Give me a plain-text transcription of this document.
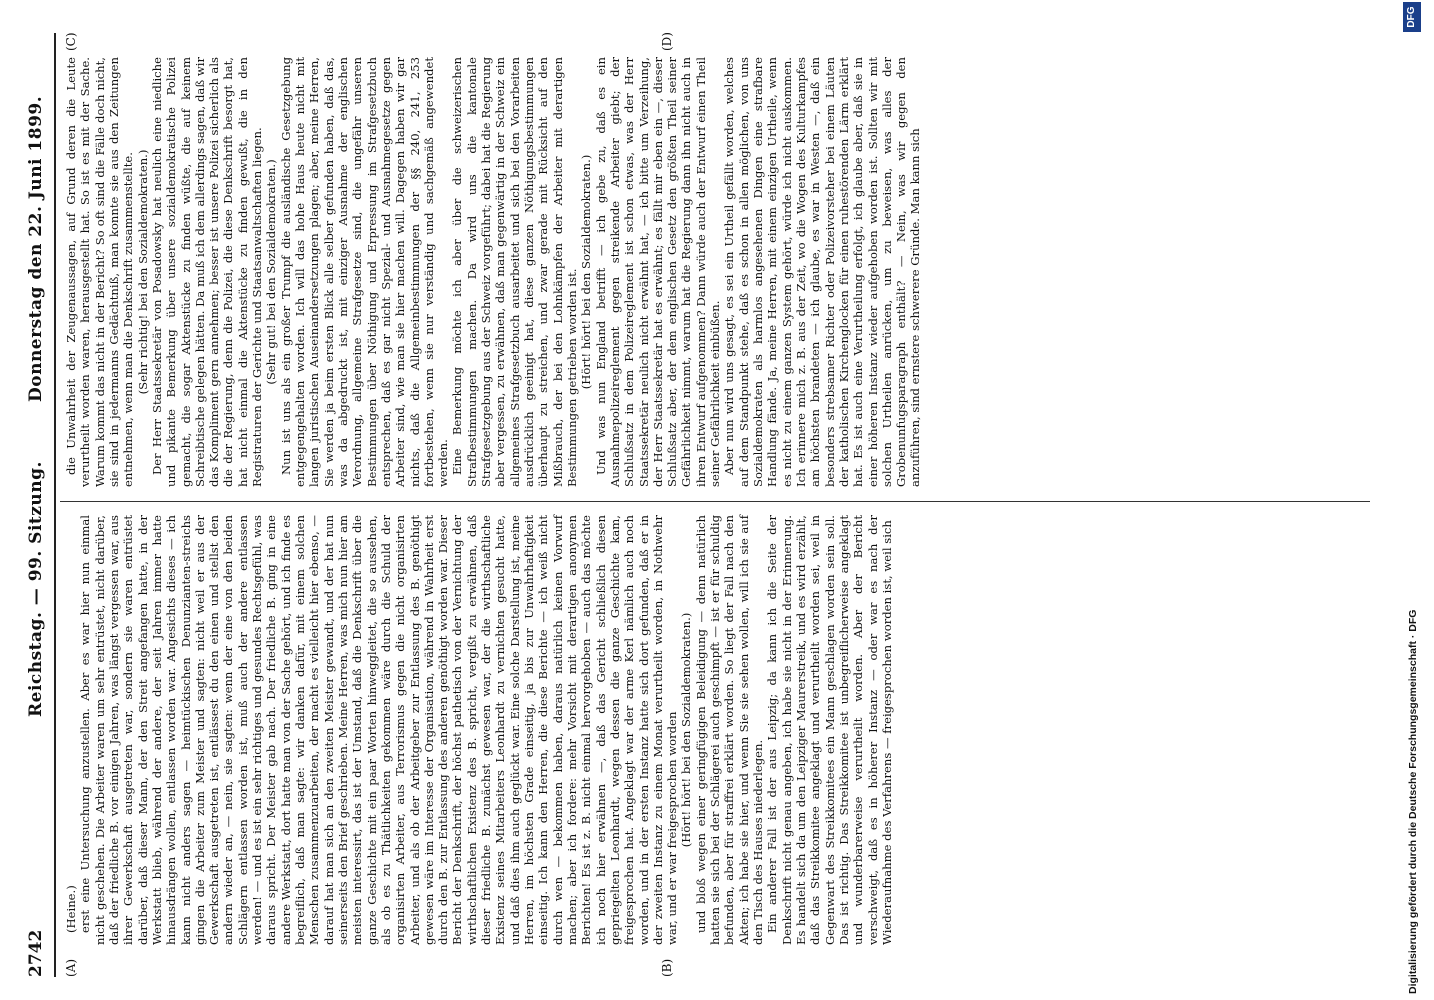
2742
Reichstag. — 99. Sitzung.
Donnerstag den 22. Juni 1899.
(A)	(B)
(C)	(D)

(Heine.) erst eine Untersuchung anzustellen. Aber es war hier nun einmal nicht geschehen. Die Arbeiter waren um sehr entrüstet, nicht darüber, daß der friedliche B. vor einigen Jahren, was längst vergessen war, aus ihrer Gewerkschaft ausgetreten war, sondern sie waren entrüstet darüber, daß dieser Mann, der den Streit angefangen hatte, in der Werkstatt blieb, während der andere, der seit Jahren immer hatte hinausdrängen wollen, entlassen worden war. Angesichts dieses — ich kann nicht anders sagen — heimtückischen Denunzianten-streichs gingen die Arbeiter zum Meister und sagten: nicht weil er aus der Gewerkschaft ausgetreten ist, entlässest du den einen und stellst den andern wieder an, — nein, sie sagten: wenn der eine von den beiden Schlägern entlassen worden ist, muß auch der andere entlassen werden! — und es ist ein sehr richtiges und gesundes Rechtsgefühl, was daraus spricht. Der Meister gab nach. Der friedliche B. ging in eine andere Werkstatt, dort hatte man von der Sache gehört, und ich finde es begreiflich, daß man sagte: wir danken dafür, mit einem solchen Menschen zusammenzuarbeiten, der macht es vielleicht hier ebenso, — darauf hat man sich an den zweiten Meister gewandt, und der hat nun seinerseits den Brief geschrieben. Meine Herren, was mich nun hier am meisten interessirt, das ist der Umstand, daß die Denkschrift über die ganze Geschichte mit ein paar Worten hinweggleitet, die so aussehen, als ob es zu Thätlichkeiten gekommen wäre durch die Schuld der organisirten Arbeiter, aus Terrorismus gegen die nicht organisirten Arbeiter, und als ob der Arbeitgeber zur Entlassung des B. genöthigt gewesen wäre im Interesse der Organisation, während in Wahrheit erst durch den B. zur Entlassung des anderen genöthigt worden war. Dieser Bericht der Denkschrift, der höchst pathetisch von der Vernichtung der wirthschaftlichen Existenz des B. spricht, vergißt zu erwähnen, daß dieser friedliche B. zunächst gewesen war, der die wirthschaftliche Existenz seines Mitarbeiters Leonhardt zu vernichten gesucht hatte, und daß dies ihm auch geglückt war. Eine solche Darstellung ist, meine Herren, im höchsten Grade einseitig, ja bis zur Unwahrhaftigkeit einseitig. Ich kann den Herren, die diese Berichte — ich weiß nicht durch wen — bekommen haben, daraus natürlich keinen Vorwurf machen; aber ich fordere: mehr Vorsicht mit derartigen anonymen Berichten! Es ist z. B. nicht einmal hervorgehoben — auch das möchte ich noch hier erwähnen —, daß das Gericht schließlich diesen gepriegelten Leonhardt, wegen dessen die ganze Geschichte kam, freigesprochen hat. Angeklagt war der arme Kerl nämlich auch noch worden, und in der ersten Instanz hatte sich dort gefunden, daß er in der zweiten Instanz zu einem Monat verurtheilt worden, in Nothwehr war, und er war freigesprochen worden (Hört! hört! bei den Sozialdemokraten.) und bloß wegen einer geringfügigen Beleidigung — denn natürlich hatten sie sich bei der Schlägerei auch geschimpft — ist er für schuldig befunden, aber für straffrei erklärt worden. So liegt der Fall nach den Akten; ich habe sie hier, und wenn Sie sie sehen wollen, will ich sie auf den Tisch des Hauses niederlegen. Ein anderer Fall ist der aus Leipzig; da kann ich die Seite der Denkschrift nicht genau angeben, ich habe sie nicht in der Erinnerung. Es handelt sich da um den Leipziger Maurerstreik, und es wird erzählt, daß das Streikkomitee angeklagt und verurtheilt worden sei, weil in Gegenwart des Streikkomitees ein Mann geschlagen worden sein soll. Das ist richtig. Das Streikkomitee ist unbegreiflicherweise angeklagt und wunderbarerweise verurtheilt worden. Aber der Bericht verschweigt, daß es in höherer Instanz — oder war es nach der Wiederaufnahme des Verfahrens — freigesprochen worden ist, weil sich

die Unwahrheit der Zeugenaussagen, auf Grund deren die Leute verurtheilt worden waren, herausgestellt hat. So ist es mit der Sache. Warum kommt das nicht in der Bericht? So oft sind die Fälle doch nicht, sie sind in jedermanns Gedächtniß, man konnte sie aus den Zeitungen entnehmen, wenn man die Denkschrift zusammenstellte. (Sehr richtig! bei den Sozialdemokraten.) Der Herr Staatssekretär von Posadowsky hat neulich eine niedliche und pikante Bemerkung über unsere sozialdemokratische Polizei gemacht, die sogar Aktenstücke zu finden wüßte, die auf keinem Schreibtische gelegen hätten. Da muß ich dem allerdings sagen, daß wir das Kompliment gern annehmen; besser ist unsere Polizei sicherlich als die der Regierung, denn die Polizei, die diese Denkschrift besorgt hat, hat nicht einmal die Aktenstücke zu finden gewußt, die in den Registraturen der Gerichte und Staatsanwaltschaften liegen. (Sehr gut! bei den Sozialdemokraten.) Nun ist uns als ein großer Trumpf die ausländische Gesetzgebung entgegengehalten worden. Ich will das hohe Haus heute nicht mit langen juristischen Auseinandersetzungen plagen; aber, meine Herren, Sie werden ja beim ersten Blick alle selber gefunden haben, daß das, was da abgedruckt ist, mit einziger Ausnahme der englischen Verordnung, allgemeine Strafgesetze sind, die ungefähr unseren Bestimmungen über Nöthigung und Erpressung im Strafgesetzbuch entsprechen, daß es gar nicht Spezial- und Ausnahmegesetze gegen Arbeiter sind, wie man sie hier machen will. Dagegen haben wir gar nichts, daß die Allgemeinbestimmungen der §§ 240, 241, 253 fortbestehen, wenn sie nur verständig und sachgemäß angewendet werden. Eine Bemerkung möchte ich aber über die schweizerischen Strafbestimmungen machen. Da wird uns die kantonale Strafgesetzgebung aus der Schweiz vorgeführt; dabei hat die Regierung aber vergessen, zu erwähnen, daß man gegenwärtig in der Schweiz ein allgemeines Strafgesetzbuch ausarbeitet und sich bei den Vorarbeiten ausdrücklich geeinigt hat, diese ganzen Nöthigungsbestimmungen überhaupt zu streichen, und zwar gerade mit Rücksicht auf den Mißbrauch, der bei den Lohnkämpfen der Arbeiter mit derartigen Bestimmungen getrieben worden ist. (Hört! hört! bei den Sozialdemokraten.) Und was nun England betrifft — ich gebe zu, daß es ein Ausnahmepolizeireglement gegen streikende Arbeiter giebt; der Schlußsatz in dem Polizeireglement ist schon etwas, was der Herr Staatssekretär neulich nicht erwähnt hat, — ich bitte um Verzeihung, der Herr Staatssekretär hat es erwähnt; es fällt mir eben ein —, dieser Schlußsatz aber, der dem englischen Gesetz den größten Theil seiner Gefährlichkeit nimmt, warum hat die Regierung dann ihn nicht auch in ihren Entwurf aufgenommen? Dann würde auch der Entwurf einen Theil seiner Gefährlichkeit einbüßen. Aber nun wird uns gesagt, es sei ein Urtheil gefällt worden, welches auf dem Standpunkt stehe, daß es schon in allen möglichen, von uns Sozialdemokraten als harmlos angesehenen Dingen eine strafbare Handlung fände. Ja, meine Herren, mit einem einzigen Urtheile, wenn es nicht zu einem ganzen System gehört, würde ich nicht auskommen. Ich erinnere mich z. B. aus der Zeit, wo die Wogen des Kulturkampfes am höchsten brandeten — ich glaube, es war in Westen —, daß ein besonders strebsamer Richter oder Polizeivorsteher bei einem Läuten der katholischen Kirchenglocken für einen ruhestörenden Lärm erklärt hat. Es ist auch eine Verurtheilung erfolgt, ich glaube aber, daß sie in einer höheren Instanz wieder aufgehoben worden ist. Sollten wir mit solchen Urtheilen anrücken, um zu beweisen, was alles der Grobenunfugsparagraph enthält? — Nein, was wir gegen den anzuführen, sind ernstere schwerere Gründe. Man kann sich

Digitalisierung gefördert durch die Deutsche Forschungsgemeinschaft · DFG
DFG
